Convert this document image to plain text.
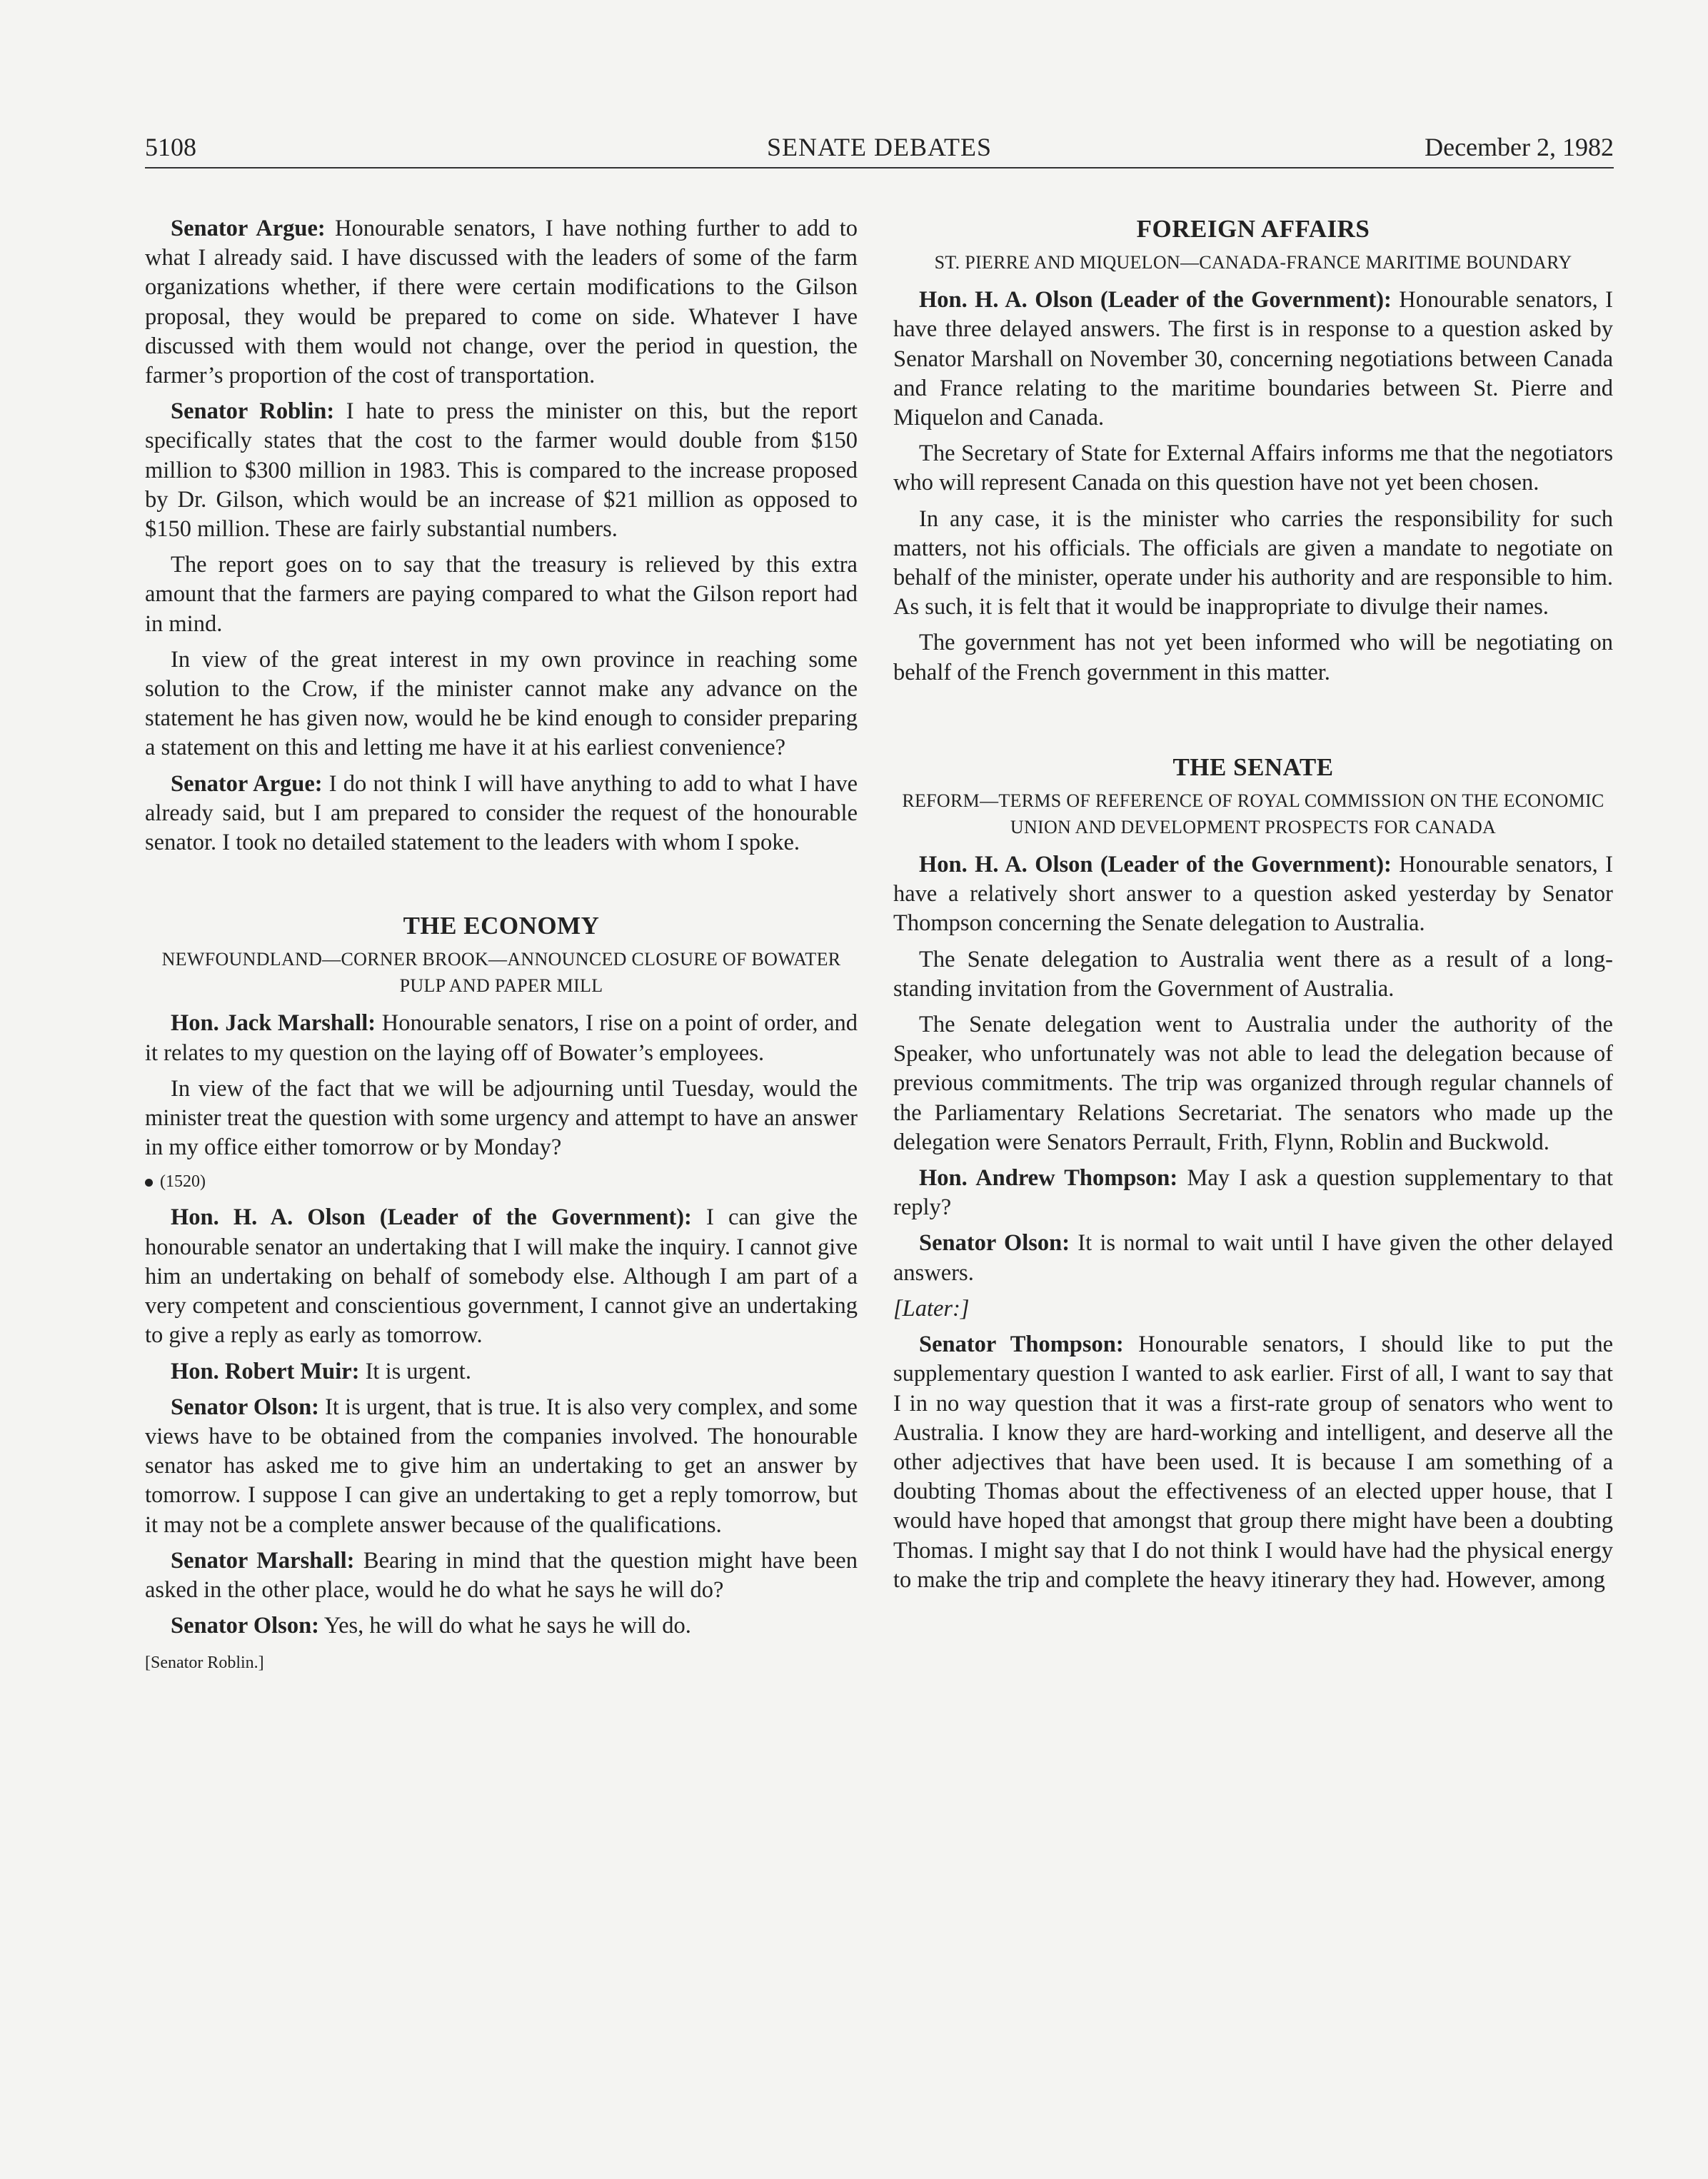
5108	SENATE DEBATES	December 2, 1982

Senator Argue: Honourable senators, I have nothing further to add to what I already said. I have discussed with the leaders of some of the farm organizations whether, if there were certain modifications to the Gilson proposal, they would be prepared to come on side. Whatever I have discussed with them would not change, over the period in question, the farmer’s proportion of the cost of transportation.

Senator Roblin: I hate to press the minister on this, but the report specifically states that the cost to the farmer would double from $150 million to $300 million in 1983. This is compared to the increase proposed by Dr. Gilson, which would be an increase of $21 million as opposed to $150 million. These are fairly substantial numbers.

The report goes on to say that the treasury is relieved by this extra amount that the farmers are paying compared to what the Gilson report had in mind.

In view of the great interest in my own province in reaching some solution to the Crow, if the minister cannot make any advance on the statement he has given now, would he be kind enough to consider preparing a statement on this and letting me have it at his earliest convenience?

Senator Argue: I do not think I will have anything to add to what I have already said, but I am prepared to consider the request of the honourable senator. I took no detailed statement to the leaders with whom I spoke.

THE ECONOMY
NEWFOUNDLAND—CORNER BROOK—ANNOUNCED CLOSURE OF BOWATER PULP AND PAPER MILL

Hon. Jack Marshall: Honourable senators, I rise on a point of order, and it relates to my question on the laying off of Bowater’s employees.

In view of the fact that we will be adjourning until Tuesday, would the minister treat the question with some urgency and attempt to have an answer in my office either tomorrow or by Monday?

(1520)

Hon. H. A. Olson (Leader of the Government): I can give the honourable senator an undertaking that I will make the inquiry. I cannot give him an undertaking on behalf of somebody else. Although I am part of a very competent and conscientious government, I cannot give an undertaking to give a reply as early as tomorrow.

Hon. Robert Muir: It is urgent.

Senator Olson: It is urgent, that is true. It is also very complex, and some views have to be obtained from the companies involved. The honourable senator has asked me to give him an undertaking to get an answer by tomorrow. I suppose I can give an undertaking to get a reply tomorrow, but it may not be a complete answer because of the qualifications.

Senator Marshall: Bearing in mind that the question might have been asked in the other place, would he do what he says he will do?

Senator Olson: Yes, he will do what he says he will do.

[Senator Roblin.]
FOREIGN AFFAIRS
ST. PIERRE AND MIQUELON—CANADA-FRANCE MARITIME BOUNDARY

Hon. H. A. Olson (Leader of the Government): Honourable senators, I have three delayed answers. The first is in response to a question asked by Senator Marshall on November 30, concerning negotiations between Canada and France relating to the maritime boundaries between St. Pierre and Miquelon and Canada.

The Secretary of State for External Affairs informs me that the negotiators who will represent Canada on this question have not yet been chosen.

In any case, it is the minister who carries the responsibility for such matters, not his officials. The officials are given a mandate to negotiate on behalf of the minister, operate under his authority and are responsible to him. As such, it is felt that it would be inappropriate to divulge their names.

The government has not yet been informed who will be negotiating on behalf of the French government in this matter.

THE SENATE
REFORM—TERMS OF REFERENCE OF ROYAL COMMISSION ON THE ECONOMIC UNION AND DEVELOPMENT PROSPECTS FOR CANADA

Hon. H. A. Olson (Leader of the Government): Honourable senators, I have a relatively short answer to a question asked yesterday by Senator Thompson concerning the Senate delegation to Australia.

The Senate delegation to Australia went there as a result of a long-standing invitation from the Government of Australia.

The Senate delegation went to Australia under the authority of the Speaker, who unfortunately was not able to lead the delegation because of previous commitments. The trip was organized through regular channels of the Parliamentary Relations Secretariat. The senators who made up the delegation were Senators Perrault, Frith, Flynn, Roblin and Buckwold.

Hon. Andrew Thompson: May I ask a question supplementary to that reply?

Senator Olson: It is normal to wait until I have given the other delayed answers.

[Later:]

Senator Thompson: Honourable senators, I should like to put the supplementary question I wanted to ask earlier. First of all, I want to say that I in no way question that it was a first-rate group of senators who went to Australia. I know they are hard-working and intelligent, and deserve all the other adjectives that have been used. It is because I am something of a doubting Thomas about the effectiveness of an elected upper house, that I would have hoped that amongst that group there might have been a doubting Thomas. I might say that I do not think I would have had the physical energy to make the trip and complete the heavy itinerary they had. However, among
